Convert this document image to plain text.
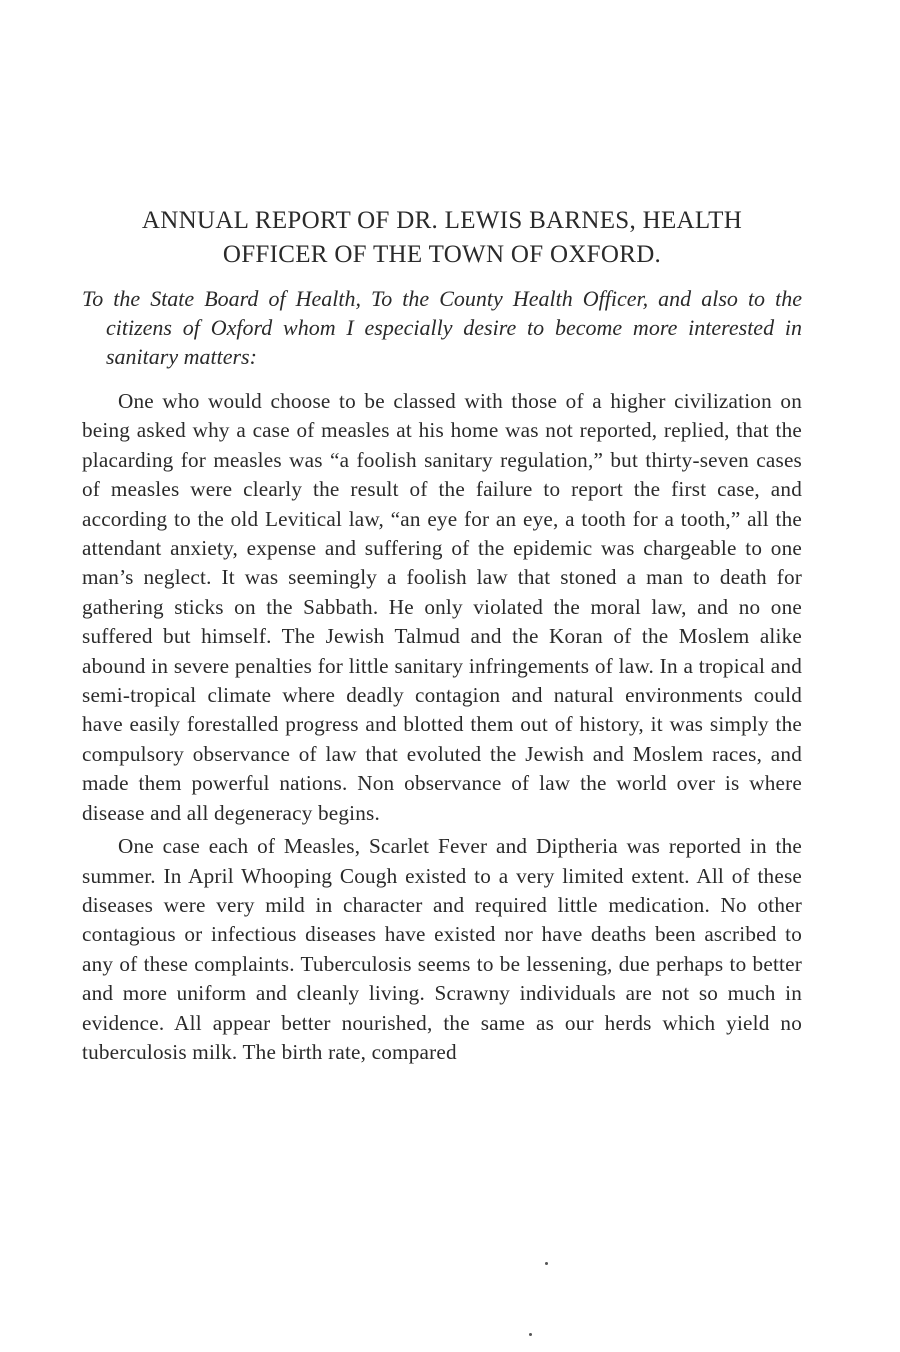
ANNUAL REPORT OF DR. LEWIS BARNES, HEALTH
OFFICER OF THE TOWN OF OXFORD.

To the State Board of Health, To the County Health Officer, and also to the citizens of Oxford whom I especially desire to become more interested in sanitary matters:

One who would choose to be classed with those of a higher civilization on being asked why a case of measles at his home was not reported, replied, that the placarding for measles was “a foolish sanitary regulation,” but thirty-seven cases of measles were clearly the result of the failure to report the first case, and according to the old Levitical law, “an eye for an eye, a tooth for a tooth,” all the attendant anxiety, expense and suffering of the epidemic was chargeable to one man’s neglect. It was seemingly a foolish law that stoned a man to death for gathering sticks on the Sabbath. He only violated the moral law, and no one suffered but himself. The Jewish Talmud and the Koran of the Moslem alike abound in severe penalties for little sanitary infringements of law. In a tropical and semi-tropical climate where deadly contagion and natural environments could have easily forestalled progress and blotted them out of history, it was simply the compulsory observance of law that evoluted the Jewish and Moslem races, and made them powerful nations. Non observance of law the world over is where disease and all degeneracy begins.

One case each of Measles, Scarlet Fever and Diptheria was reported in the summer. In April Whooping Cough existed to a very limited extent. All of these diseases were very mild in character and required little medication. No other contagious or infectious diseases have existed nor have deaths been ascribed to any of these complaints. Tuberculosis seems to be lessening, due perhaps to better and more uniform and cleanly living. Scrawny individuals are not so much in evidence. All appear better nourished, the same as our herds which yield no tuberculosis milk. The birth rate, compared
